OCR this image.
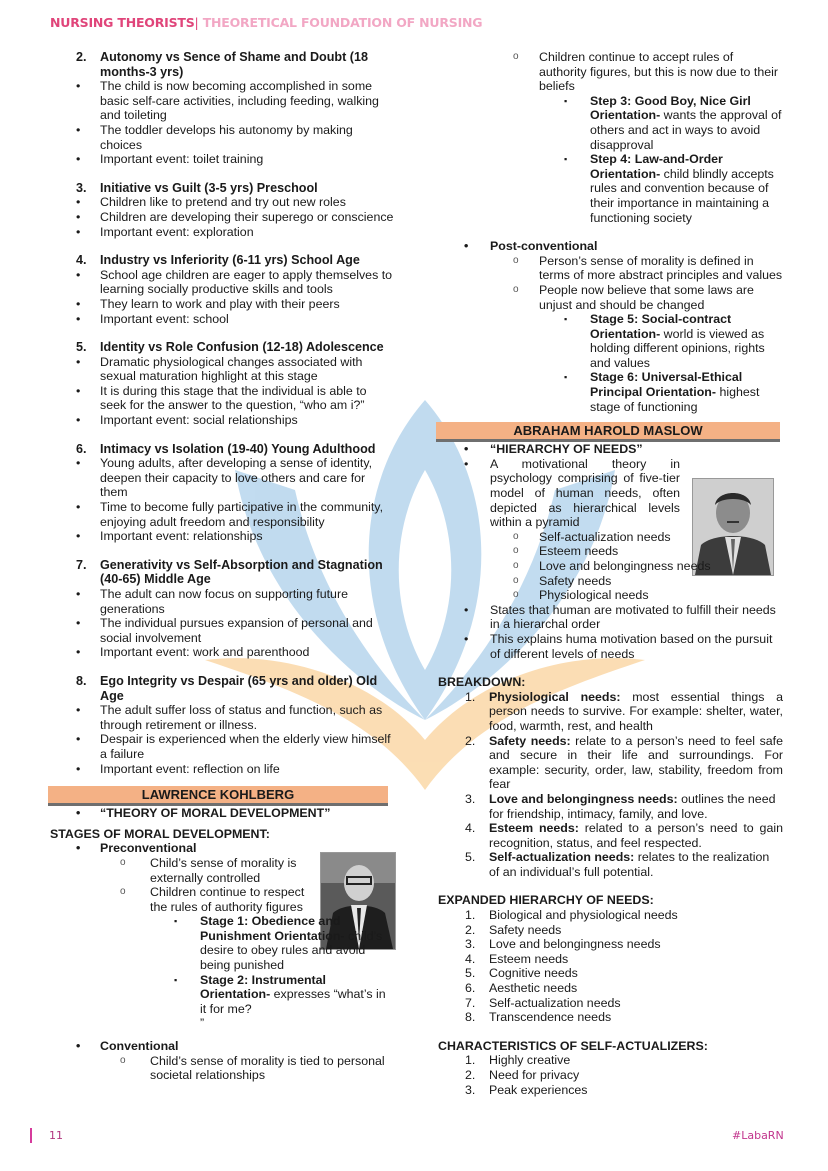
NURSING THEORISTS| THEORETICAL FOUNDATION OF NURSING
2.	Autonomy vs Sence of Shame and Doubt (18 months-3 yrs)
•	The child is now becoming accomplished in some basic self-care activities, including feeding, walking and toileting
•	The toddler develops his autonomy by making choices
•	Important event: toilet training
3.	Initiative vs Guilt (3-5 yrs) Preschool
•	Children like to pretend and try out new roles
•	Children are developing their superego or conscience
•	Important event: exploration
4.	Industry vs Inferiority (6-11 yrs) School Age
•	School age children are eager to apply themselves to learning socially productive skills and tools
•	They learn to work and play with their peers
•	Important event: school
5.	Identity vs Role Confusion (12-18) Adolescence
•	Dramatic physiological changes associated with sexual maturation highlight at this stage
•	It is during this stage that the individual is able to seek for the answer to the question, “who am i?”
•	Important event: social relationships
6.	Intimacy vs Isolation (19-40) Young Adulthood
•	Young adults, after developing a sense of identity, deepen their capacity to love others and care for them
•	Time to become fully participative in the community, enjoying adult freedom and responsibility
•	Important event: relationships
7.	Generativity vs Self-Absorption and Stagnation (40-65) Middle Age
•	The adult can now focus on supporting future generations
•	The individual pursues expansion of personal and social involvement
•	Important event: work and parenthood
8.	Ego Integrity vs Despair (65 yrs and older) Old Age
•	The adult suffer loss of status and function, such as through retirement or illness.
•	Despair is experienced when the elderly view himself a failure
•	Important event: reflection on life
LAWRENCE KOHLBERG
•	“THEORY OF MORAL DEVELOPMENT”
STAGES OF MORAL DEVELOPMENT:
•	Preconventional
o	Child’s sense of morality is externally controlled
o	Children continue to respect the rules of authority figures
▪	Stage 1: Obedience and Punishment Orientation- child’s desire to obey rules and avoid being punished
▪	Stage 2: Instrumental Orientation- expresses “what’s in it for me?
”
•	Conventional
o	Child’s sense of morality is tied to personal societal relationships
o	Children continue to accept rules of authority figures, but this is now due to their beliefs
▪	Step 3: Good Boy, Nice Girl Orientation- wants the approval of others and act in ways to avoid disapproval
▪	Step 4: Law-and-Order Orientation- child blindly accepts rules and convention because of their importance in maintaining a functioning society
•	Post-conventional
o	Person’s sense of morality is defined in terms of more abstract principles and values
o	People now believe that some laws are unjust and should be changed
▪	Stage 5: Social-contract Orientation- world is viewed as holding different opinions, rights and values
▪	Stage 6: Universal-Ethical Principal Orientation- highest stage of functioning
ABRAHAM HAROLD MASLOW
•	“HIERARCHY OF NEEDS”
•	A motivational theory in psychology comprising of five-tier model of human needs, often depicted as hierarchical levels within a pyramid
o	Self-actualization needs
o	Esteem needs
o	Love and belongingness needs
o	Safety needs
o	Physiological needs
•	States that human are motivated to fulfill their needs in a hierarchal order
•	This explains huma motivation based on the pursuit of different levels of needs
BREAKDOWN:
1.	Physiological needs: most essential things a person needs to survive. For example: shelter, water, food, warmth, rest, and health
2.	Safety needs: relate to a person’s need to feel safe and secure in their life and surroundings. For example: security, order, law, stability, freedom from fear
3.	Love and belongingness needs: outlines the need for friendship, intimacy, family, and love.
4.	Esteem needs: related to a person’s need to gain recognition, status, and feel respected.
5.	Self-actualization needs: relates to the realization of an individual’s full potential.
EXPANDED HIERARCHY OF NEEDS:
1.	Biological and physiological needs
2.	Safety needs
3.	Love and belongingness needs
4.	Esteem needs
5.	Cognitive needs
6.	Aesthetic needs
7.	Self-actualization needs
8.	Transcendence needs
CHARACTERISTICS OF SELF-ACTUALIZERS:
1.	Highly creative
2.	Need for privacy
3.	Peak experiences
11	#LabaRN
